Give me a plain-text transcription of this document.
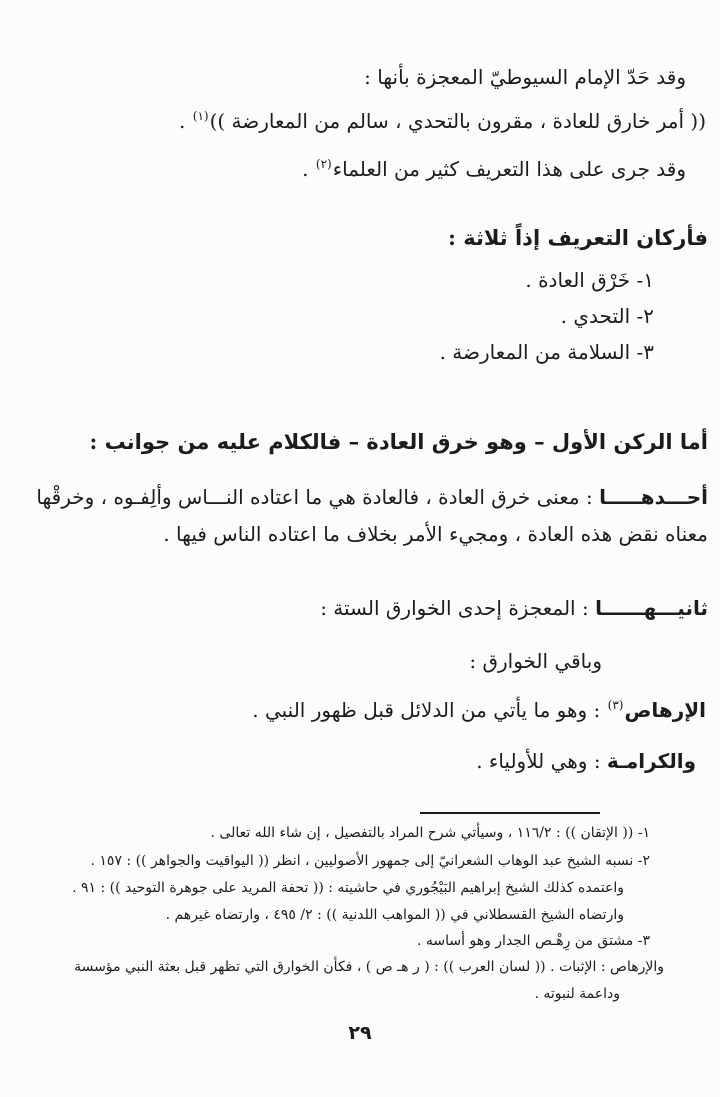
وقد حَدّ الإمام السيوطيّ المعجزة بأنها :
(( أمر خارق للعادة ، مقرون بالتحدي ، سالم من المعارضة ))$^{(١)}$ .
وقد جرى على هذا التعريف كثير من العلماء$^{(٢)}$ .
فأركان التعريف إذاً ثلاثة :
١- خَرْق العادة .
٢- التحدي .
٣- السلامة من المعارضة .
أما الركن الأول – وهو خرق العادة – فالكلام عليه من جوانب :
أحـــدهـــــا : معنى خرق العادة ، فالعادة هي ما اعتاده النـــاس وألِفـوه ، وخرقْها
معناه نقض هذه العادة ، ومجيء الأمر بخلاف ما اعتاده الناس فيها .
ثانيـــهــــــا : المعجزة إحدى الخوارق الستة :
وباقي الخوارق :
الإرهاص$^{(٣)}$ : وهو ما يأتي من الدلائل قبل ظهور النبي .
والكرامـة : وهي للأولياء .
١- (( الإتقان )) : ٢‏/‏١١٦ ، وسيأتي شرح المراد بالتفصيل ، إن شاء الله تعالى .
٢- نسبه الشيخ عبد الوهاب الشعرانيّ إلى جمهور الأصوليين ، انظر (( اليواقيت والجواهر )) : ١٥٧ .
واعتمده كذلك الشيخ إبراهيم البَيْجُوري في حاشيته : (( تحفة المريد على جوهرة التوحيد )) : ٩١ .
وارتضاه الشيخ القسطلاني في (( المواهب اللدنية )) : ٢‏/ ٤٩٥ ، وارتضاه غيرهم .
٣- مشتق من رِهْـص الجدار وهو أساسه .
والإرهاص : الإثبات . (( لسان العرب )) : ( ر هـ ص ) ، فكأن الخوارق التي تظهر قبل بعثة النبي مؤسسة
وداعمة لنبوته .
٢٩
